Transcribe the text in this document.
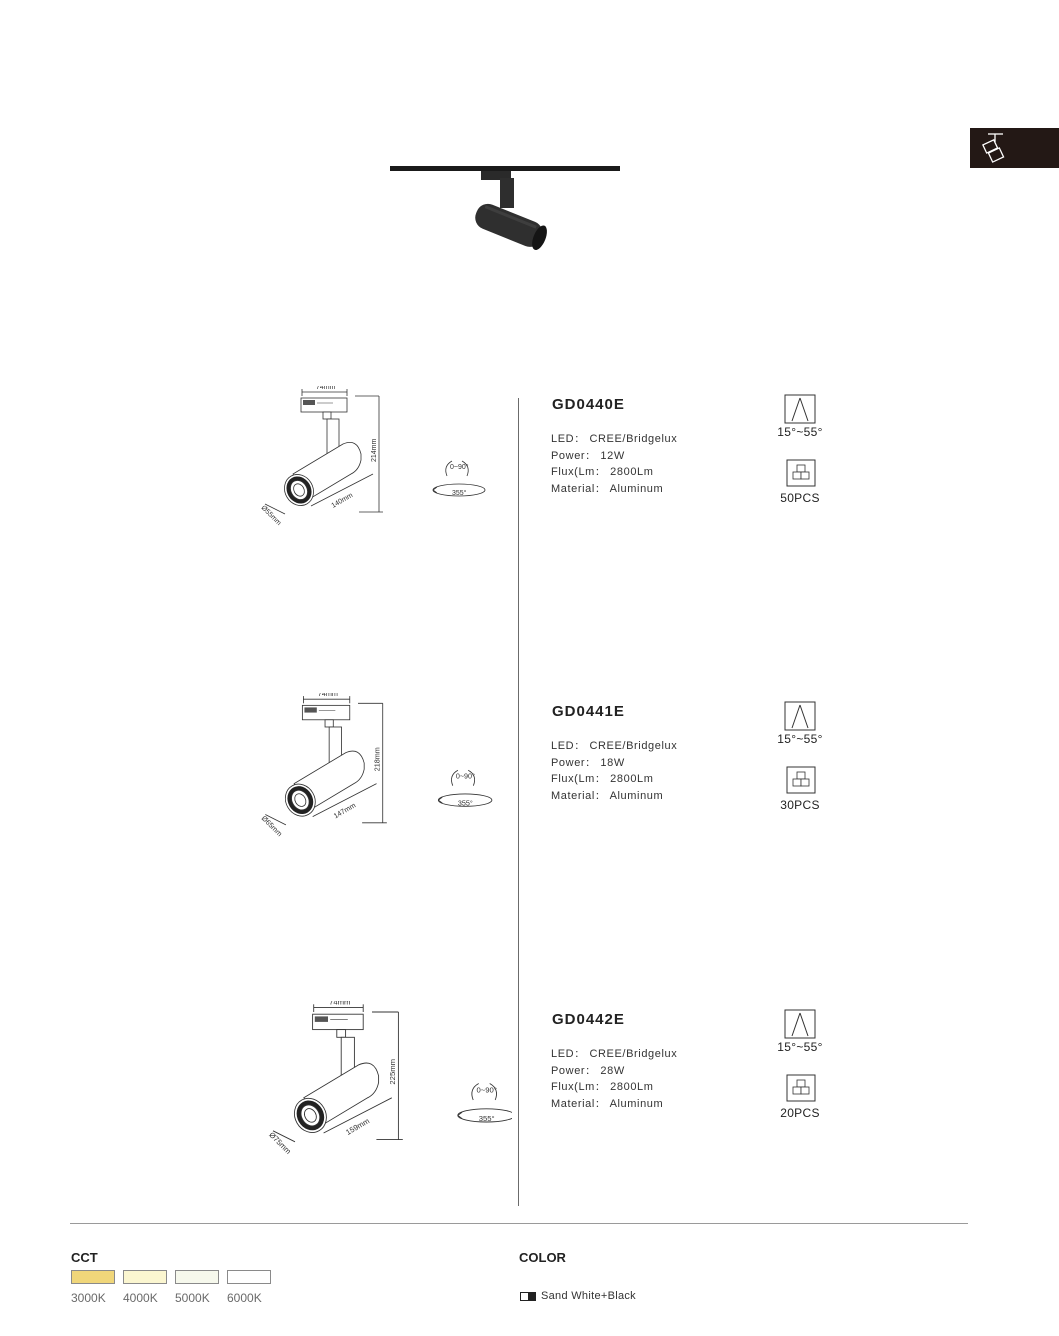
74mm
214mm
140mm
Ø55mm
0~90°
355°
GD0440E
LED： CREE/Bridgelux
Power： 12W
Flux(Lm： 2800Lm
Material： Aluminum
15°~55°
50PCS
74mm
218mm
147mm
Ø65mm
0~90°
355°
GD0441E
LED： CREE/Bridgelux
Power： 18W
Flux(Lm： 2800Lm
Material： Aluminum
15°~55°
30PCS
74mm
225mm
159mm
Ø75mm
0~90°
355°
GD0442E
LED： CREE/Bridgelux
Power： 28W
Flux(Lm： 2800Lm
Material： Aluminum
15°~55°
20PCS
CCT
3000K 4000K 5000K 6000K
COLOR
Sand White+Black
